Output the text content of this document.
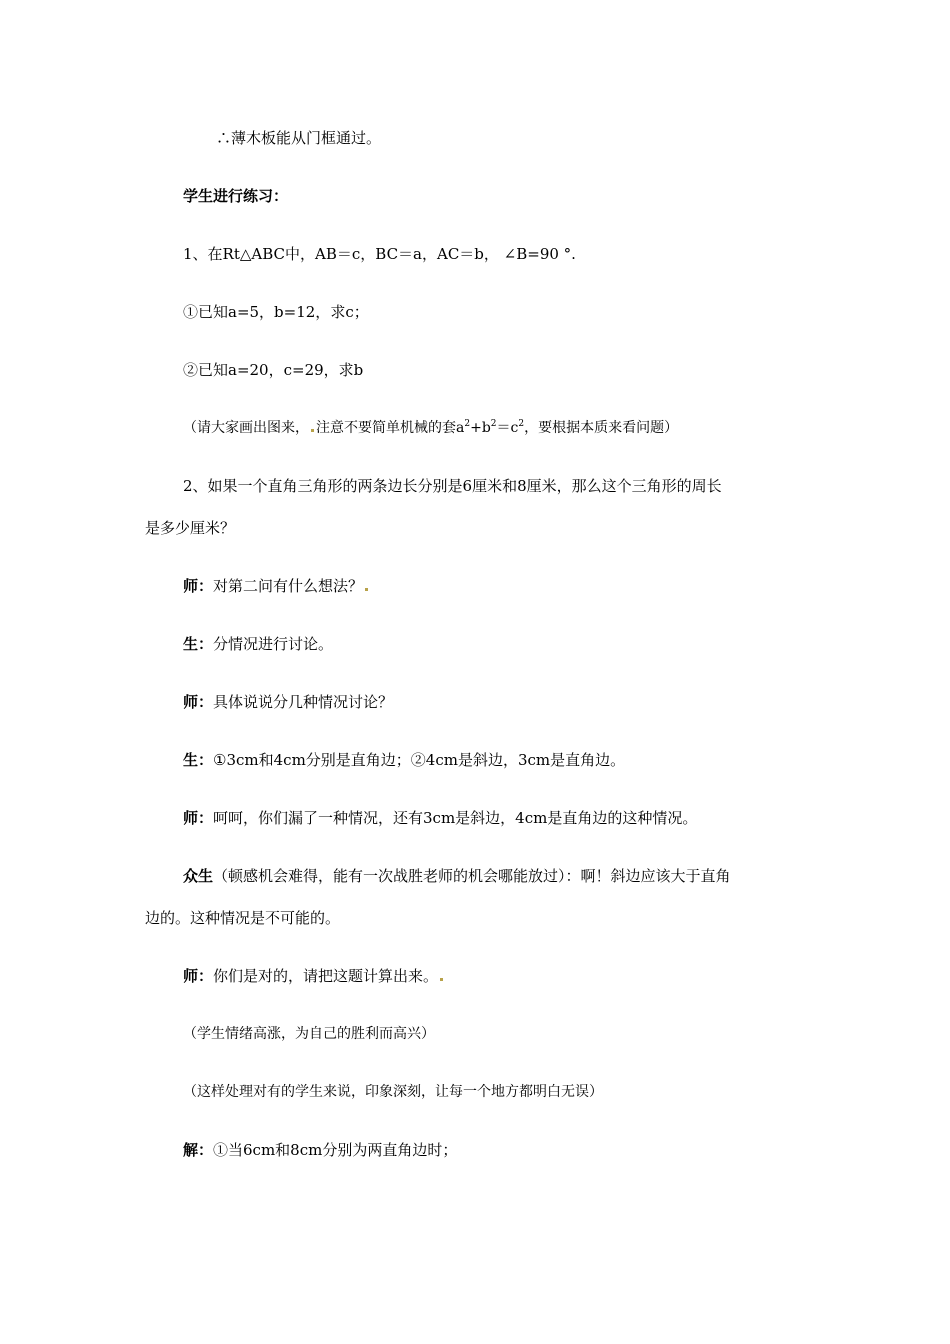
∴薄木板能从门框通过。
学生进行练习：
1、在Rt△ABC中，AB＝c，BC＝a，AC＝b， ∠B=90 °.
①已知a=5，b=12，求c；
②已知a=20，c=29，求b
（请大家画出图来， 注意不要简单机械的套$a^2+b^2=c^2$，要根据本质来看问题）
2、如果一个直角三角形的两条边长分别是6厘米和8厘米，那么这个三角形的周长
是多少厘米？
师：对第二问有什么想法？
生：分情况进行讨论。
师：具体说说分几种情况讨论？
生：①3cm和4cm分别是直角边；②4cm是斜边，3cm是直角边。
师：呵呵，你们漏了一种情况，还有3cm是斜边，4cm是直角边的这种情况。
众生（顿感机会难得，能有一次战胜老师的机会哪能放过）：啊！斜边应该大于直角
边的。这种情况是不可能的。
师：你们是对的，请把这题计算出来。
（学生情绪高涨，为自己的胜利而高兴）
（这样处理对有的学生来说，印象深刻，让每一个地方都明白无误）
解：①当6cm和8cm分别为两直角边时；
